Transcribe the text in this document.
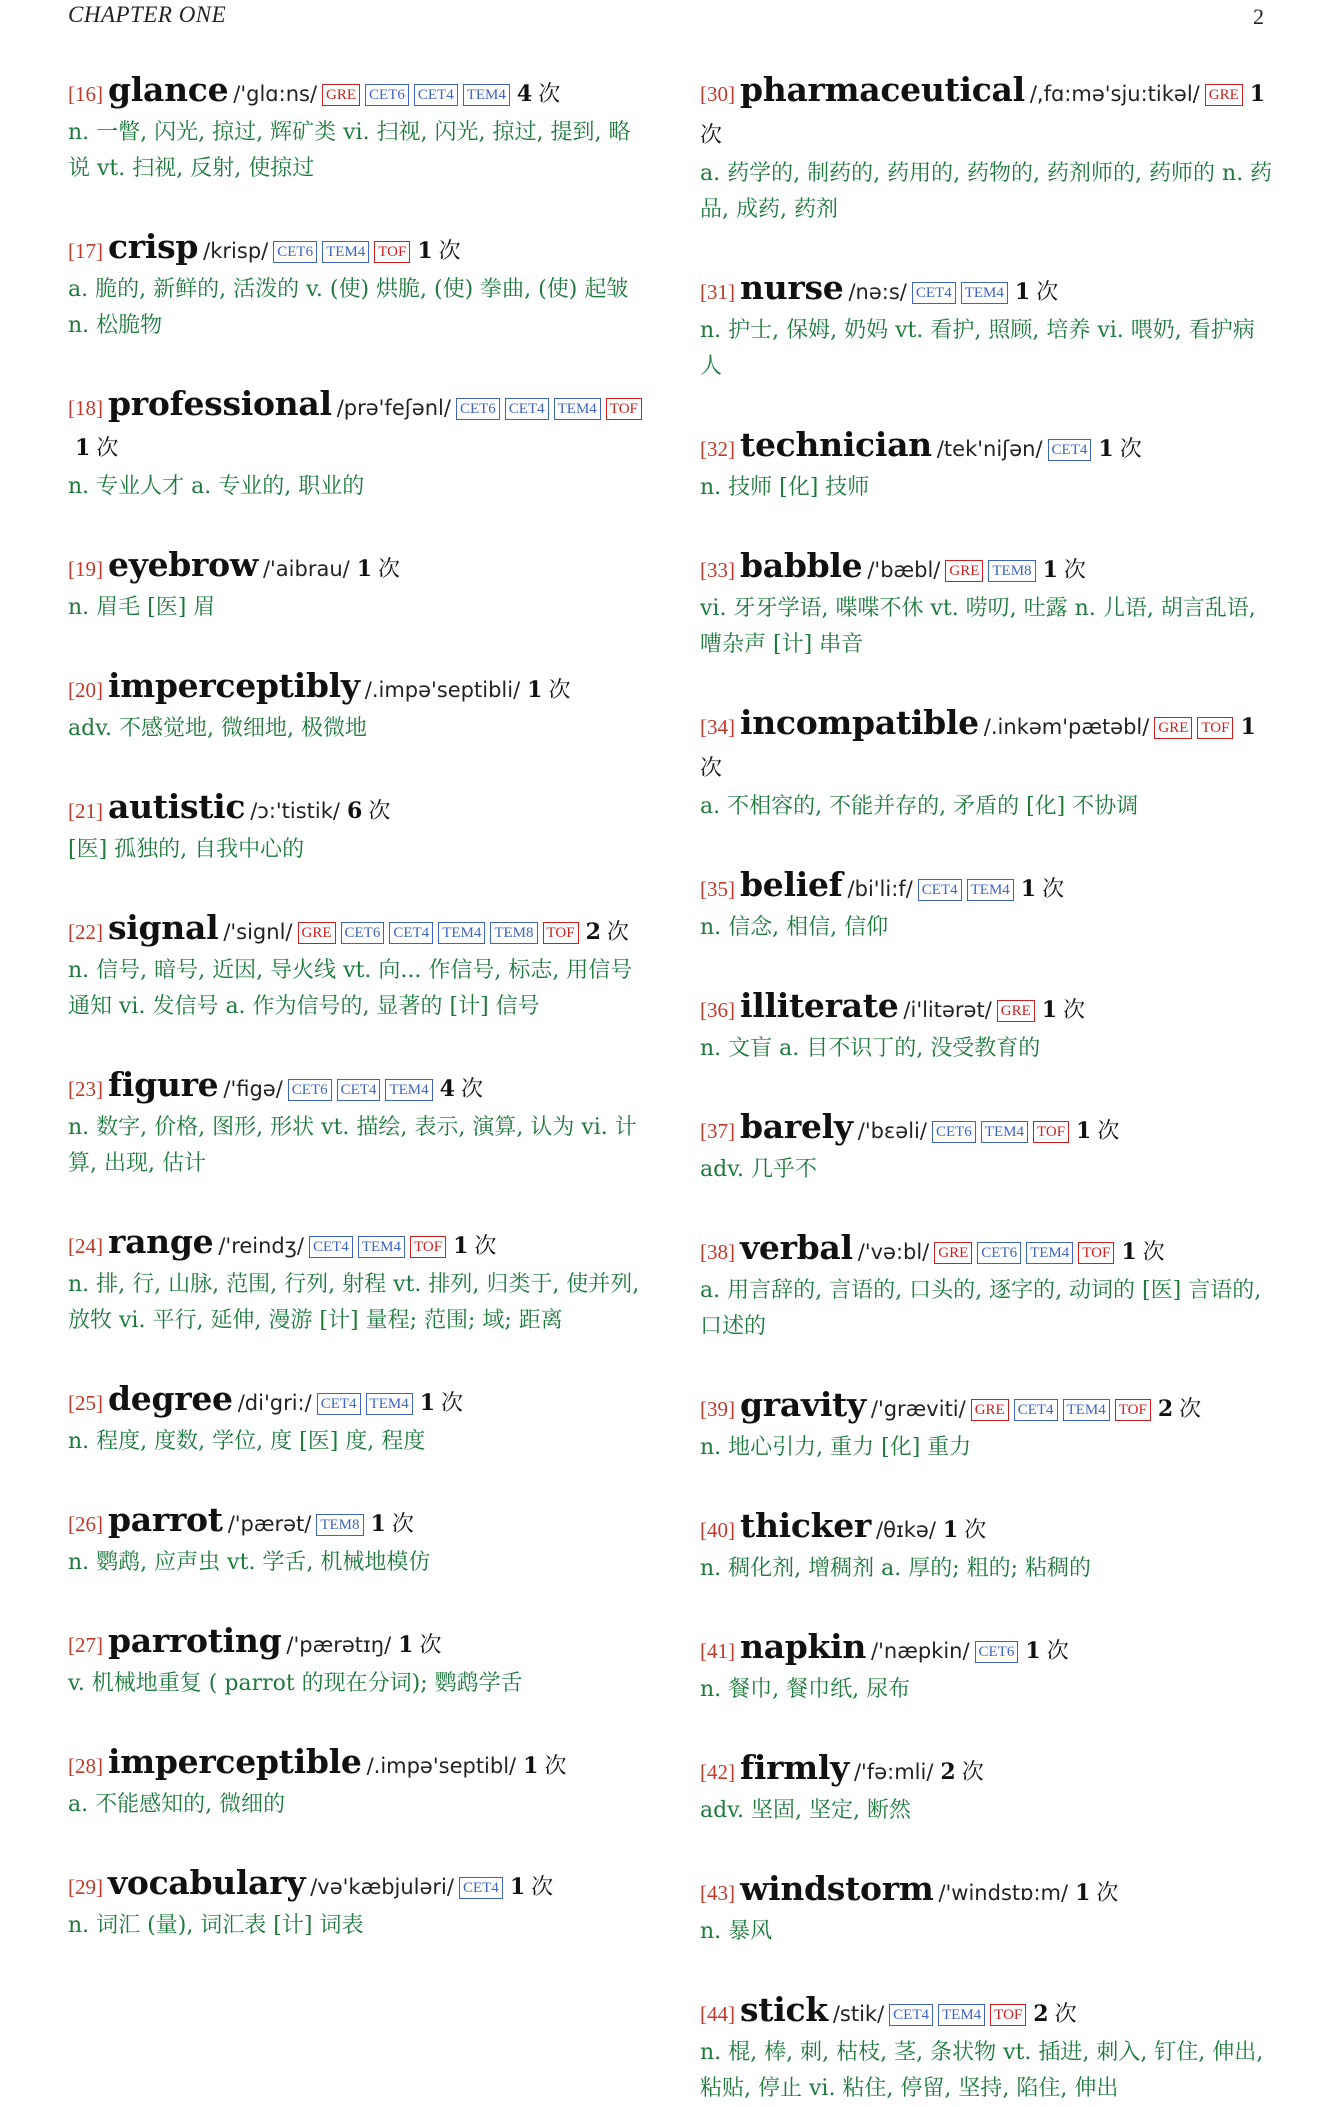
CHAPTER ONE	2
[16] glance /'glɑ:ns/ GRE CET6 CET4 TEM4 4 次
n. 一瞥, 闪光, 掠过, 辉矿类 vi. 扫视, 闪光, 掠过, 提到, 略说 vt. 扫视, 反射, 使掠过
[17] crisp /krisp/ CET6 TEM4 TOF 1 次
a. 脆的, 新鲜的, 活泼的 v. (使) 烘脆, (使) 拳曲, (使) 起皱 n. 松脆物
[18] professional /prə'feʃənl/ CET6 CET4 TEM4 TOF1 次
n. 专业人才 a. 专业的, 职业的
[19] eyebrow /'aibrau/ 1 次
n. 眉毛 [医] 眉
[20] imperceptibly /.impə'septibli/ 1 次
adv. 不感觉地, 微细地, 极微地
[21] autistic /ɔ:'tistik/ 6 次
[医] 孤独的, 自我中心的
[22] signal /'signl/ GRE CET6 CET4 TEM4 TEM8 TOF 2 次
n. 信号, 暗号, 近因, 导火线 vt. 向... 作信号, 标志, 用信号通知 vi. 发信号 a. 作为信号的, 显著的 [计] 信号
[23] figure /'figə/ CET6 CET4 TEM4 4 次
n. 数字, 价格, 图形, 形状 vt. 描绘, 表示, 演算, 认为 vi. 计算, 出现, 估计
[24] range /'reindʒ/ CET4 TEM4 TOF 1 次
n. 排, 行, 山脉, 范围, 行列, 射程 vt. 排列, 归类于, 使并列, 放牧 vi. 平行, 延伸, 漫游 [计] 量程; 范围; 域; 距离
[25] degree /di'gri:/ CET4 TEM4 1 次
n. 程度, 度数, 学位, 度 [医] 度, 程度
[26] parrot /'pærət/ TEM8 1 次
n. 鹦鹉, 应声虫 vt. 学舌, 机械地模仿
[27] parroting /'pærətɪŋ/ 1 次
v. 机械地重复 ( parrot 的现在分词); 鹦鹉学舌
[28] imperceptible /.impə'septibl/ 1 次
a. 不能感知的, 微细的
[29] vocabulary /və'kæbjuləri/ CET4 1 次
n. 词汇 (量), 词汇表 [计] 词表
[30] pharmaceutical /,fɑ:mə'sju:tikəl/ GRE 1次
a. 药学的, 制药的, 药用的, 药物的, 药剂师的, 药师的 n. 药品, 成药, 药剂
[31] nurse /nə:s/ CET4 TEM4 1 次
n. 护士, 保姆, 奶妈 vt. 看护, 照顾, 培养 vi. 喂奶, 看护病人
[32] technician /tek'niʃən/ CET4 1 次
n. 技师 [化] 技师
[33] babble /'bæbl/ GRE TEM8 1 次
vi. 牙牙学语, 喋喋不休 vt. 唠叨, 吐露 n. 儿语, 胡言乱语, 嘈杂声 [计] 串音
[34] incompatible /.inkəm'pætəbl/ GRE TOF 1次
a. 不相容的, 不能并存的, 矛盾的 [化] 不协调
[35] belief /bi'li:f/ CET4 TEM4 1 次
n. 信念, 相信, 信仰
[36] illiterate /i'litərət/ GRE 1 次
n. 文盲 a. 目不识丁的, 没受教育的
[37] barely /'bɛəli/ CET6 TEM4 TOF 1 次
adv. 几乎不
[38] verbal /'və:bl/ GRE CET6 TEM4 TOF 1 次
a. 用言辞的, 言语的, 口头的, 逐字的, 动词的 [医] 言语的, 口述的
[39] gravity /'græviti/ GRE CET4 TEM4 TOF 2 次
n. 地心引力, 重力 [化] 重力
[40] thicker /θɪkə/ 1 次
n. 稠化剂, 增稠剂 a. 厚的; 粗的; 粘稠的
[41] napkin /'næpkin/ CET6 1 次
n. 餐巾, 餐巾纸, 尿布
[42] firmly /'fə:mli/ 2 次
adv. 坚固, 坚定, 断然
[43] windstorm /'windstɒ:m/ 1 次
n. 暴风
[44] stick /stik/ CET4 TEM4 TOF 2 次
n. 棍, 棒, 刺, 枯枝, 茎, 条状物 vt. 插进, 刺入, 钉住, 伸出, 粘贴, 停止 vi. 粘住, 停留, 坚持, 陷住, 伸出
